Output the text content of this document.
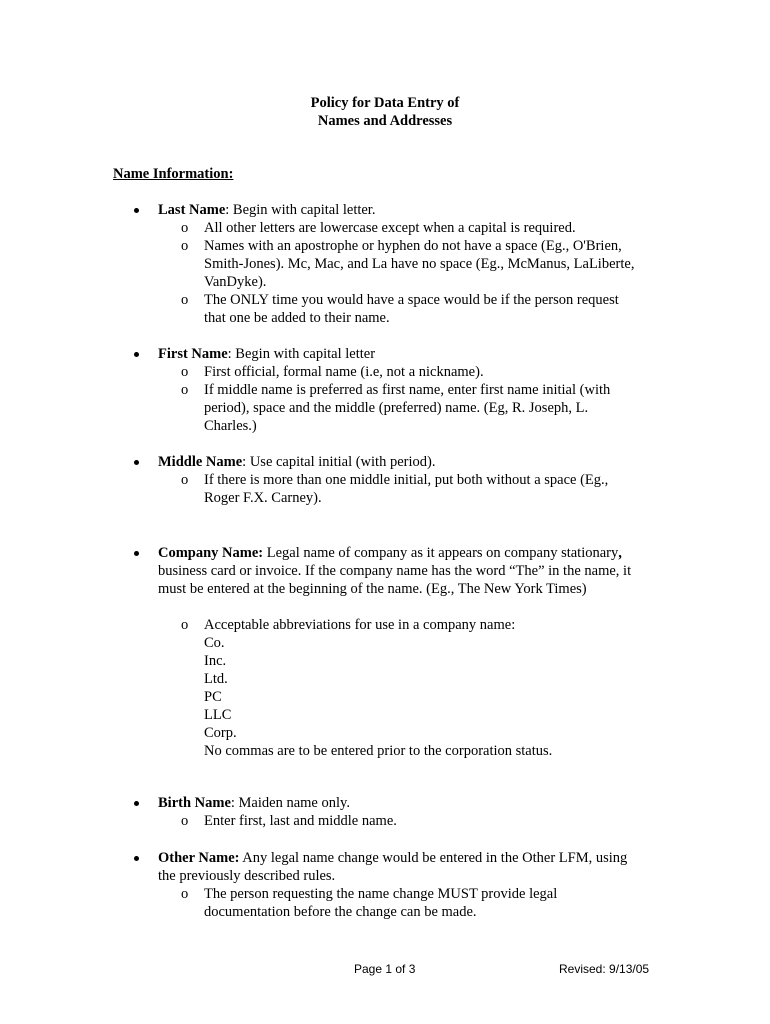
Policy for Data Entry of
Names and Addresses
Name Information:
Last Name: Begin with capital letter.
o
All other letters are lowercase except when a capital is required.
o
Names with an apostrophe or hyphen do not have a space (Eg., O'Brien,
Smith-Jones). Mc, Mac, and La have no space (Eg., McManus, LaLiberte,
VanDyke).
o
The ONLY time you would have a space would be if the person request
that one be added to their name.
First Name: Begin with capital letter
o
First official, formal name (i.e, not a nickname).
o
If middle name is preferred as first name, enter first name initial (with
period), space and the middle (preferred) name. (Eg, R. Joseph, L.
Charles.)
Middle Name: Use capital initial (with period).
o
If there is more than one middle initial, put both without a space (Eg.,
Roger F.X. Carney).
Company Name: Legal name of company as it appears on company stationary,
business card or invoice. If the company name has the word “The” in the name, it
must be entered at the beginning of the name. (Eg., The New York Times)
o
Acceptable abbreviations for use in a company name:
Co.
Inc.
Ltd.
PC
LLC
Corp.
No commas are to be entered prior to the corporation status.
Birth Name: Maiden name only.
o
Enter first, last and middle name.
Other Name: Any legal name change would be entered in the Other LFM, using
the previously described rules.
o
The person requesting the name change MUST provide legal
documentation before the change can be made.
Page 1 of 3	Revised: 9/13/05
